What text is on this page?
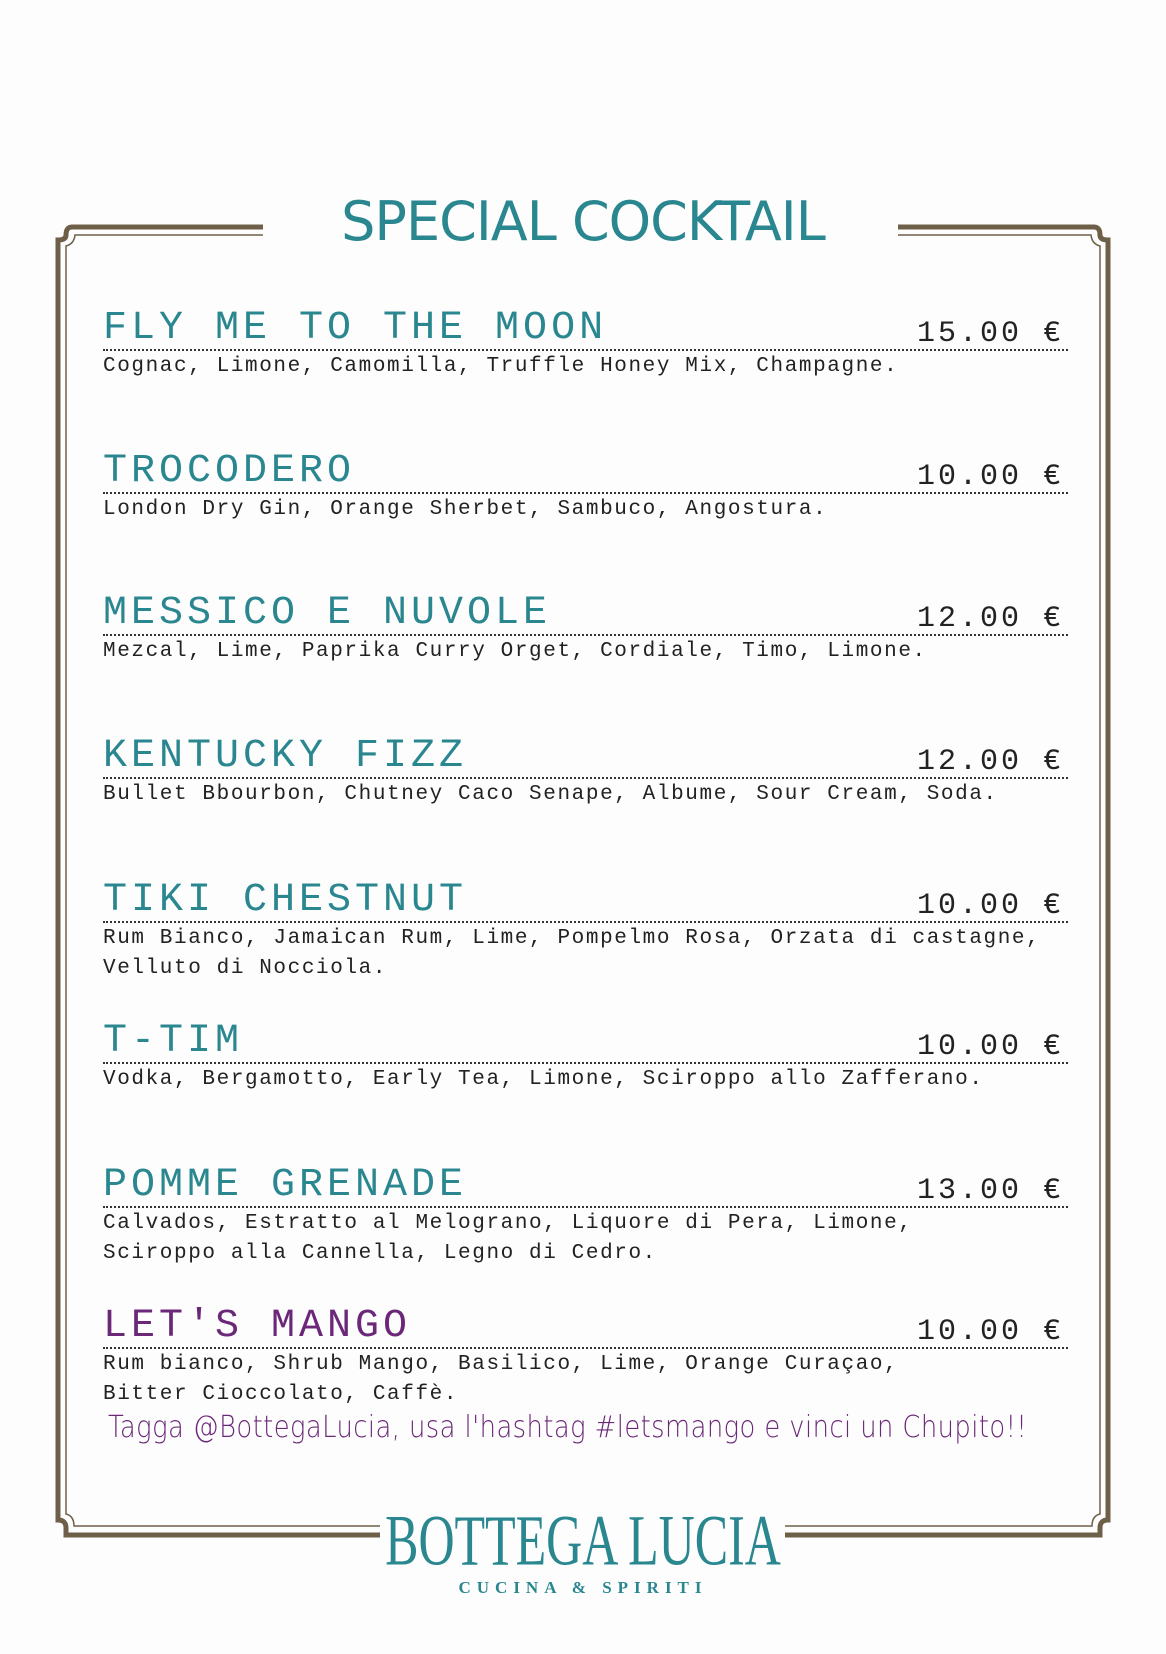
SPECIAL COCKTAIL
FLY ME TO THE MOON	15.00 €
Cognac, Limone, Camomilla, Truffle Honey Mix, Champagne.
TROCODERO	10.00 €
London Dry Gin, Orange Sherbet, Sambuco, Angostura.
MESSICO E NUVOLE	12.00 €
Mezcal, Lime, Paprika Curry Orget, Cordiale, Timo, Limone.
KENTUCKY FIZZ	12.00 €
Bullet Bbourbon, Chutney Caco Senape, Albume, Sour Cream, Soda.
TIKI CHESTNUT	10.00 €
Rum Bianco, Jamaican Rum, Lime, Pompelmo Rosa, Orzata di castagne,
Velluto di Nocciola.
T-TIM	10.00 €
Vodka, Bergamotto, Early Tea, Limone, Sciroppo allo Zafferano.
POMME GRENADE	13.00 €
Calvados, Estratto al Melograno, Liquore di Pera, Limone,
Sciroppo alla Cannella, Legno di Cedro.
LET'S MANGO	10.00 €
Rum bianco, Shrub Mango, Basilico, Lime, Orange Curaçao,
Bitter Cioccolato, Caffè.
Tagga @BottegaLucia, usa l'hashtag #letsmango e vinci un Chupito!!
BOTTEGA LUCIA
CUCINA & SPIRITI
